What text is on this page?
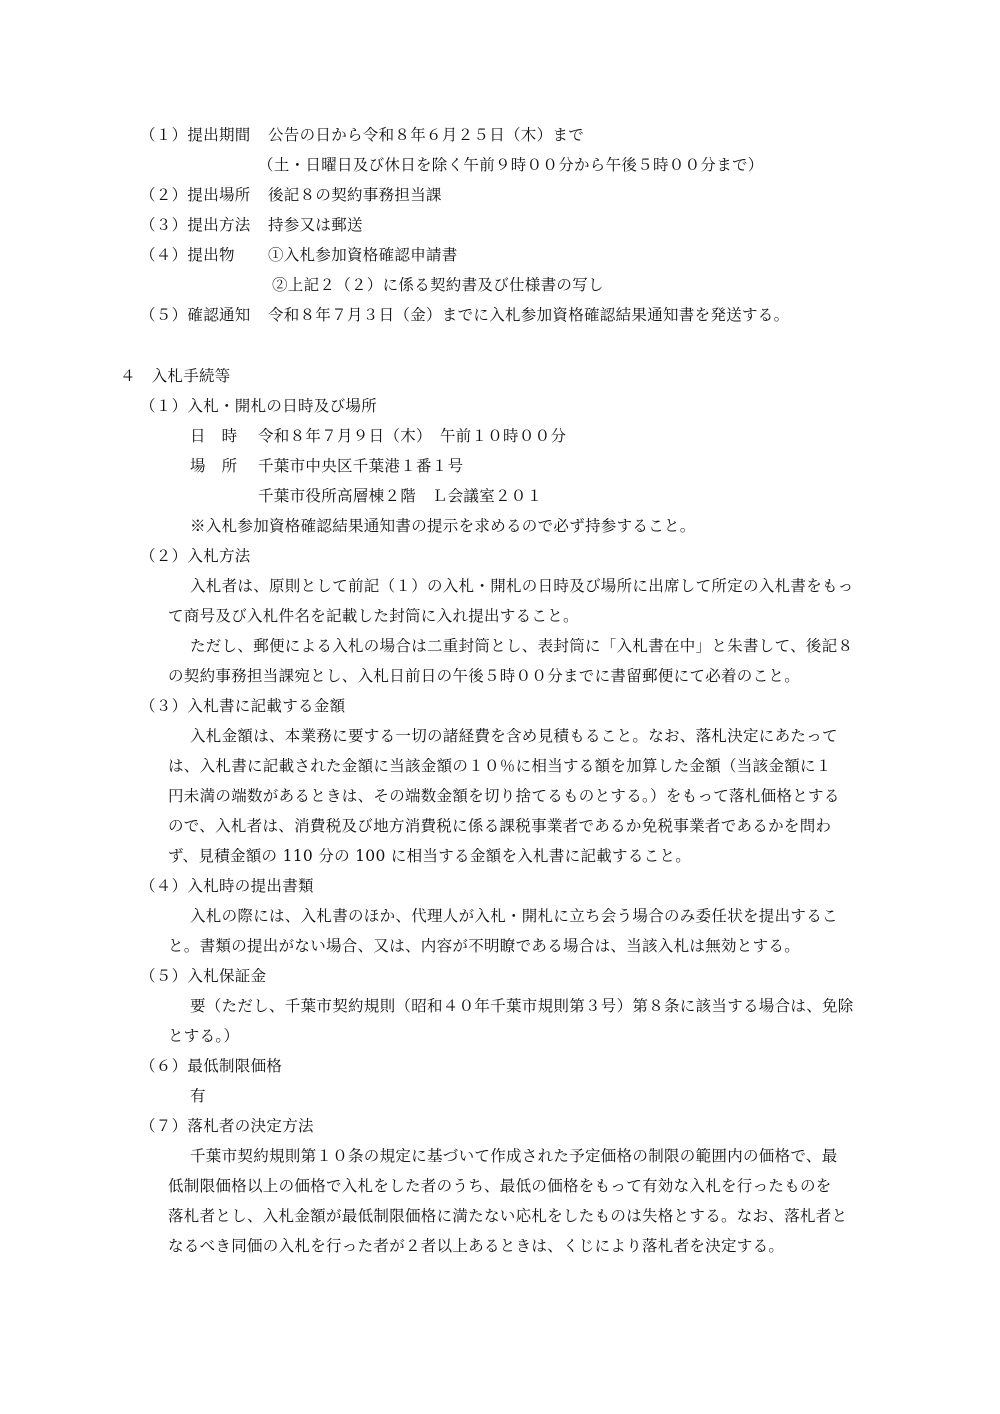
（１）提出期間 公告の日から令和８年６月２５日（木）まで
（土・日曜日及び休日を除く午前９時００分から午後５時００分まで）
（２）提出場所 後記８の契約事務担当課
（３）提出方法 持参又は郵送
（４）提出物 ①入札参加資格確認申請書
②上記２（２）に係る契約書及び仕様書の写し
（５）確認通知 令和８年７月３日（金）までに入札参加資格確認結果通知書を発送する。
４　入札手続等
（１）入札・開札の日時及び場所
日　時 令和８年７月９日（木）　午前１０時００分
場　所 千葉市中央区千葉港１番１号
千葉市役所高層棟２階　Ｌ会議室２０１
※入札参加資格確認結果通知書の提示を求めるので必ず持参すること。
（２）入札方法
入札者は、原則として前記（１）の入札・開札の日時及び場所に出席して所定の入札書をもっ
て商号及び入札件名を記載した封筒に入れ提出すること。
ただし、郵便による入札の場合は二重封筒とし、表封筒に「入札書在中」と朱書して、後記８
の契約事務担当課宛とし、入札日前日の午後５時００分までに書留郵便にて必着のこと。
（３）入札書に記載する金額
入札金額は、本業務に要する一切の諸経費を含め見積もること。なお、落札決定にあたって
は、入札書に記載された金額に当該金額の１０％に相当する額を加算した金額（当該金額に１
円未満の端数があるときは、その端数金額を切り捨てるものとする。）をもって落札価格とする
ので、入札者は、消費税及び地方消費税に係る課税事業者であるか免税事業者であるかを問わ
ず、見積金額の 110 分の 100 に相当する金額を入札書に記載すること。
（４）入札時の提出書類
入札の際には、入札書のほか、代理人が入札・開札に立ち会う場合のみ委任状を提出するこ
と。書類の提出がない場合、又は、内容が不明瞭である場合は、当該入札は無効とする。
（５）入札保証金
要（ただし、千葉市契約規則（昭和４０年千葉市規則第３号）第８条に該当する場合は、免除
とする。）
（６）最低制限価格
有
（７）落札者の決定方法
千葉市契約規則第１０条の規定に基づいて作成された予定価格の制限の範囲内の価格で、最
低制限価格以上の価格で入札をした者のうち、最低の価格をもって有効な入札を行ったものを
落札者とし、入札金額が最低制限価格に満たない応札をしたものは失格とする。なお、落札者と
なるべき同価の入札を行った者が２者以上あるときは、くじにより落札者を決定する。
